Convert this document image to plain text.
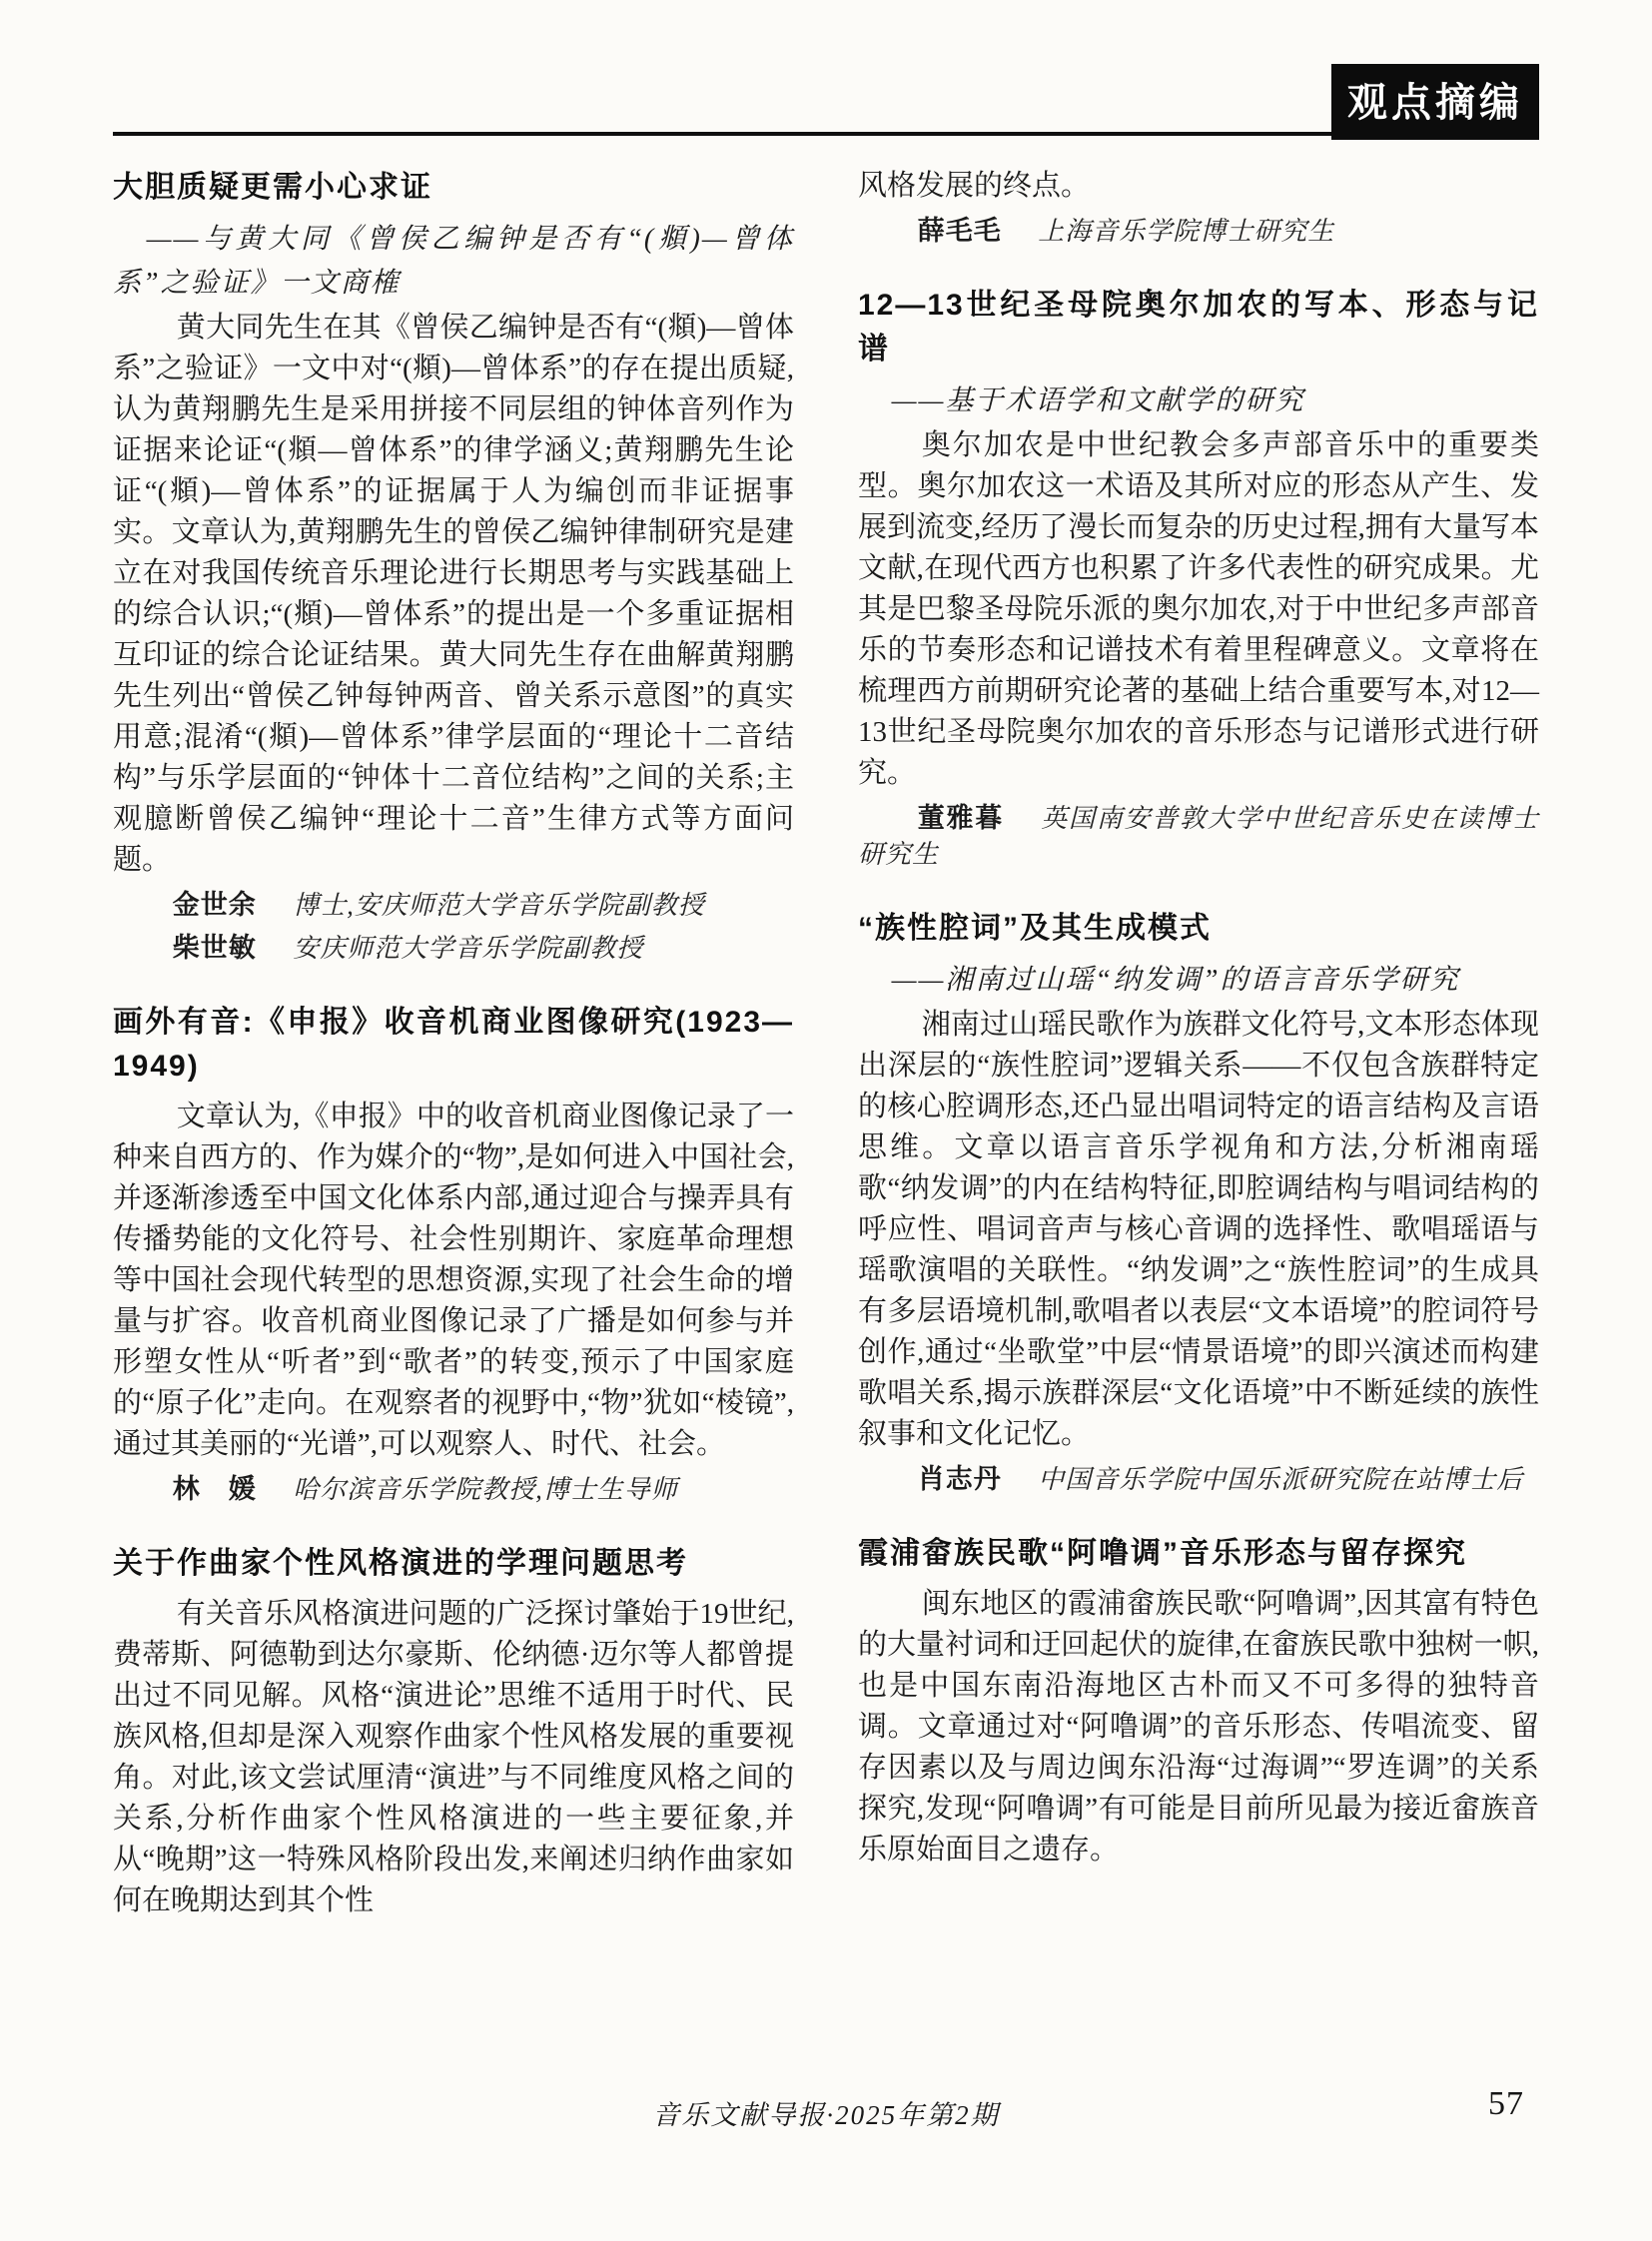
观点摘编
大胆质疑更需小心求证

——与黄大同《曾侯乙编钟是否有“(頫)—曾体系”之验证》一文商榷

黄大同先生在其《曾侯乙编钟是否有“(頫)—曾体系”之验证》一文中对“(頫)—曾体系”的存在提出质疑,认为黄翔鹏先生是采用拼接不同层组的钟体音列作为证据来论证“(頫—曾体系”的律学涵义;黄翔鹏先生论证“(頫)—曾体系”的证据属于人为编创而非证据事实。文章认为,黄翔鹏先生的曾侯乙编钟律制研究是建立在对我国传统音乐理论进行长期思考与实践基础上的综合认识;“(頫)—曾体系”的提出是一个多重证据相互印证的综合论证结果。黄大同先生存在曲解黄翔鹏先生列出“曾侯乙钟每钟两音、曾关系示意图”的真实用意;混淆“(頫)—曾体系”律学层面的“理论十二音结构”与乐学层面的“钟体十二音位结构”之间的关系;主观臆断曾侯乙编钟“理论十二音”生律方式等方面问题。

金世余 博士,安庆师范大学音乐学院副教授
柴世敏 安庆师范大学音乐学院副教授
画外有音:《申报》收音机商业图像研究(1923—1949)

文章认为,《申报》中的收音机商业图像记录了一种来自西方的、作为媒介的“物”,是如何进入中国社会,并逐渐渗透至中国文化体系内部,通过迎合与操弄具有传播势能的文化符号、社会性别期许、家庭革命理想等中国社会现代转型的思想资源,实现了社会生命的增量与扩容。收音机商业图像记录了广播是如何参与并形塑女性从“听者”到“歌者”的转变,预示了中国家庭的“原子化”走向。在观察者的视野中,“物”犹如“棱镜”,通过其美丽的“光谱”,可以观察人、时代、社会。

林　媛 哈尔滨音乐学院教授,博士生导师
关于作曲家个性风格演进的学理问题思考

有关音乐风格演进问题的广泛探讨肇始于19世纪,费蒂斯、阿德勒到达尔豪斯、伦纳德·迈尔等人都曾提出过不同见解。风格“演进论”思维不适用于时代、民族风格,但却是深入观察作曲家个性风格发展的重要视角。对此,该文尝试厘清“演进”与不同维度风格之间的关系,分析作曲家个性风格演进的一些主要征象,并从“晚期”这一特殊风格阶段出发,来阐述归纳作曲家如何在晚期达到其个性

风格发展的终点。

薛毛毛 上海音乐学院博士研究生
12—13世纪圣母院奥尔加农的写本、形态与记谱

——基于术语学和文献学的研究

奥尔加农是中世纪教会多声部音乐中的重要类型。奥尔加农这一术语及其所对应的形态从产生、发展到流变,经历了漫长而复杂的历史过程,拥有大量写本文献,在现代西方也积累了许多代表性的研究成果。尤其是巴黎圣母院乐派的奥尔加农,对于中世纪多声部音乐的节奏形态和记谱技术有着里程碑意义。文章将在梳理西方前期研究论著的基础上结合重要写本,对12—13世纪圣母院奥尔加农的音乐形态与记谱形式进行研究。

董雅暮 英国南安普敦大学中世纪音乐史在读博士研究生
“族性腔词”及其生成模式

——湘南过山瑶“纳发调”的语言音乐学研究

湘南过山瑶民歌作为族群文化符号,文本形态体现出深层的“族性腔词”逻辑关系——不仅包含族群特定的核心腔调形态,还凸显出唱词特定的语言结构及言语思维。文章以语言音乐学视角和方法,分析湘南瑶歌“纳发调”的内在结构特征,即腔调结构与唱词结构的呼应性、唱词音声与核心音调的选择性、歌唱瑶语与瑶歌演唱的关联性。“纳发调”之“族性腔词”的生成具有多层语境机制,歌唱者以表层“文本语境”的腔词符号创作,通过“坐歌堂”中层“情景语境”的即兴演述而构建歌唱关系,揭示族群深层“文化语境”中不断延续的族性叙事和文化记忆。

肖志丹 中国音乐学院中国乐派研究院在站博士后
霞浦畲族民歌“阿噜调”音乐形态与留存探究

闽东地区的霞浦畲族民歌“阿噜调”,因其富有特色的大量衬词和迂回起伏的旋律,在畲族民歌中独树一帜,也是中国东南沿海地区古朴而又不可多得的独特音调。文章通过对“阿噜调”的音乐形态、传唱流变、留存因素以及与周边闽东沿海“过海调”“罗连调”的关系探究,发现“阿噜调”有可能是目前所见最为接近畲族音乐原始面目之遗存。

音乐文献导报·2025年第2期	57
